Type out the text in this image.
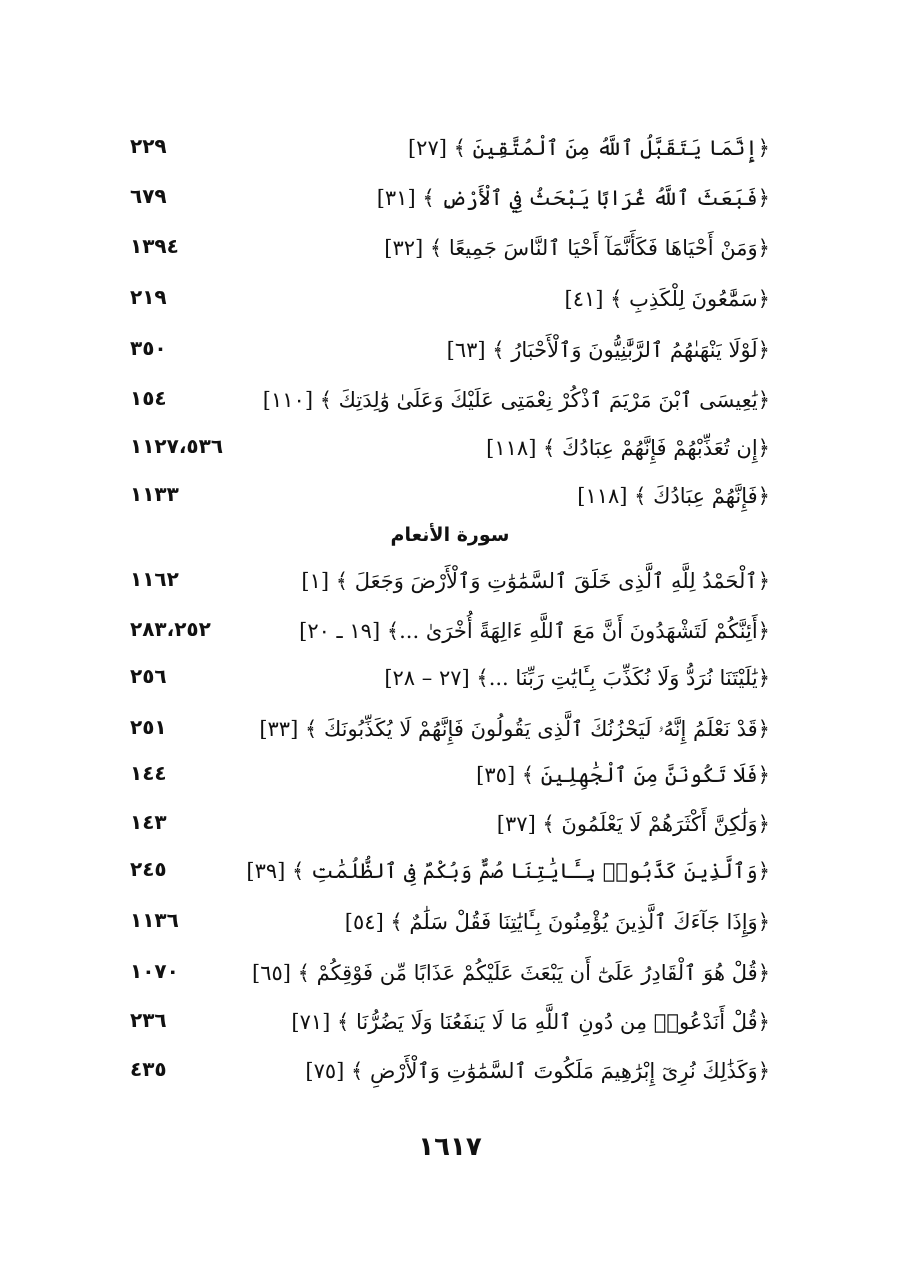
٢٢٩	﴿إِنَّمَا يَتَقَبَّلُ ٱللَّهُ مِنَ ٱلْمُتَّقِينَ ﴾ [٢٧]
٦٧٩	﴿فَبَعَثَ ٱللَّهُ غُرَابًا يَبْحَثُ فِي ٱلْأَرْضِ ﴾ [٣١]
١٣٩٤	﴿وَمَنْ أَحْيَاهَا فَكَأَنَّمَآ أَحْيَا ٱلنَّاسَ جَمِيعًا ﴾ [٣٢]
٢١٩	﴿سَمَّٰعُونَ لِلْكَذِبِ ﴾ [٤١]
٣٥٠	﴿لَوْلَا يَنْهَىٰهُمُ ٱلرَّبَّٰنِيُّونَ وَٱلْأَحْبَارُ ﴾ [٦٣]
١٥٤	﴿يَٰعِيسَى ٱبْنَ مَرْيَمَ ٱذْكُرْ نِعْمَتِى عَلَيْكَ وَعَلَىٰ وَٰلِدَتِكَ ﴾ [١١٠]
١١٢٧،٥٣٦	﴿إِن تُعَذِّبْهُمْ فَإِنَّهُمْ عِبَادُكَ ﴾ [١١٨]
١١٣٣	﴿فَإِنَّهُمْ عِبَادُكَ ﴾ [١١٨]
سورة الأنعام
١١٦٢	﴿ٱلْحَمْدُ لِلَّهِ ٱلَّذِى خَلَقَ ٱلسَّمَٰوَٰتِ وَٱلْأَرْضَ وَجَعَلَ ﴾ [١]
٢٨٣،٢٥٢	﴿أَئِنَّكُمْ لَتَشْهَدُونَ أَنَّ مَعَ ٱللَّهِ ءَالِهَةً أُخْرَىٰ ...﴾ [١٩ ـ ٢٠]
٢٥٦	﴿يَٰلَيْتَنَا نُرَدُّ وَلَا نُكَذِّبَ بِـَٔايَٰتِ رَبِّنَا ...﴾ [٢٧ – ٢٨]
٢٥١	﴿قَدْ نَعْلَمُ إِنَّهُۥ لَيَحْزُنُكَ ٱلَّذِى يَقُولُونَ فَإِنَّهُمْ لَا يُكَذِّبُونَكَ ﴾ [٣٣]
١٤٤	﴿فَلَا تَكُونَنَّ مِنَ ٱلْجَٰهِلِينَ ﴾ [٣٥]
١٤٣	﴿وَلَٰكِنَّ أَكْثَرَهُمْ لَا يَعْلَمُونَ ﴾ [٣٧]
٢٤٥	﴿وَٱلَّذِينَ كَذَّبُوا۟ بِـَٔايَٰتِنَا صُمٌّ وَبُكْمٌ فِى ٱلظُّلُمَٰتِ ﴾ [٣٩]
١١٣٦	﴿وَإِذَا جَآءَكَ ٱلَّذِينَ يُؤْمِنُونَ بِـَٔايَٰتِنَا فَقُلْ سَلَٰمٌ ﴾ [٥٤]
١٠٧٠	﴿قُلْ هُوَ ٱلْقَادِرُ عَلَىٰٓ أَن يَبْعَثَ عَلَيْكُمْ عَذَابًا مِّن فَوْقِكُمْ ﴾ [٦٥]
٢٣٦	﴿قُلْ أَنَدْعُوا۟ مِن دُونِ ٱللَّهِ مَا لَا يَنفَعُنَا وَلَا يَضُرُّنَا ﴾ [٧١]
٤٣٥	﴿وَكَذَٰلِكَ نُرِىٓ إِبْرَٰهِيمَ مَلَكُوتَ ٱلسَّمَٰوَٰتِ وَٱلْأَرْضِ ﴾ [٧٥]
١٦١٧
